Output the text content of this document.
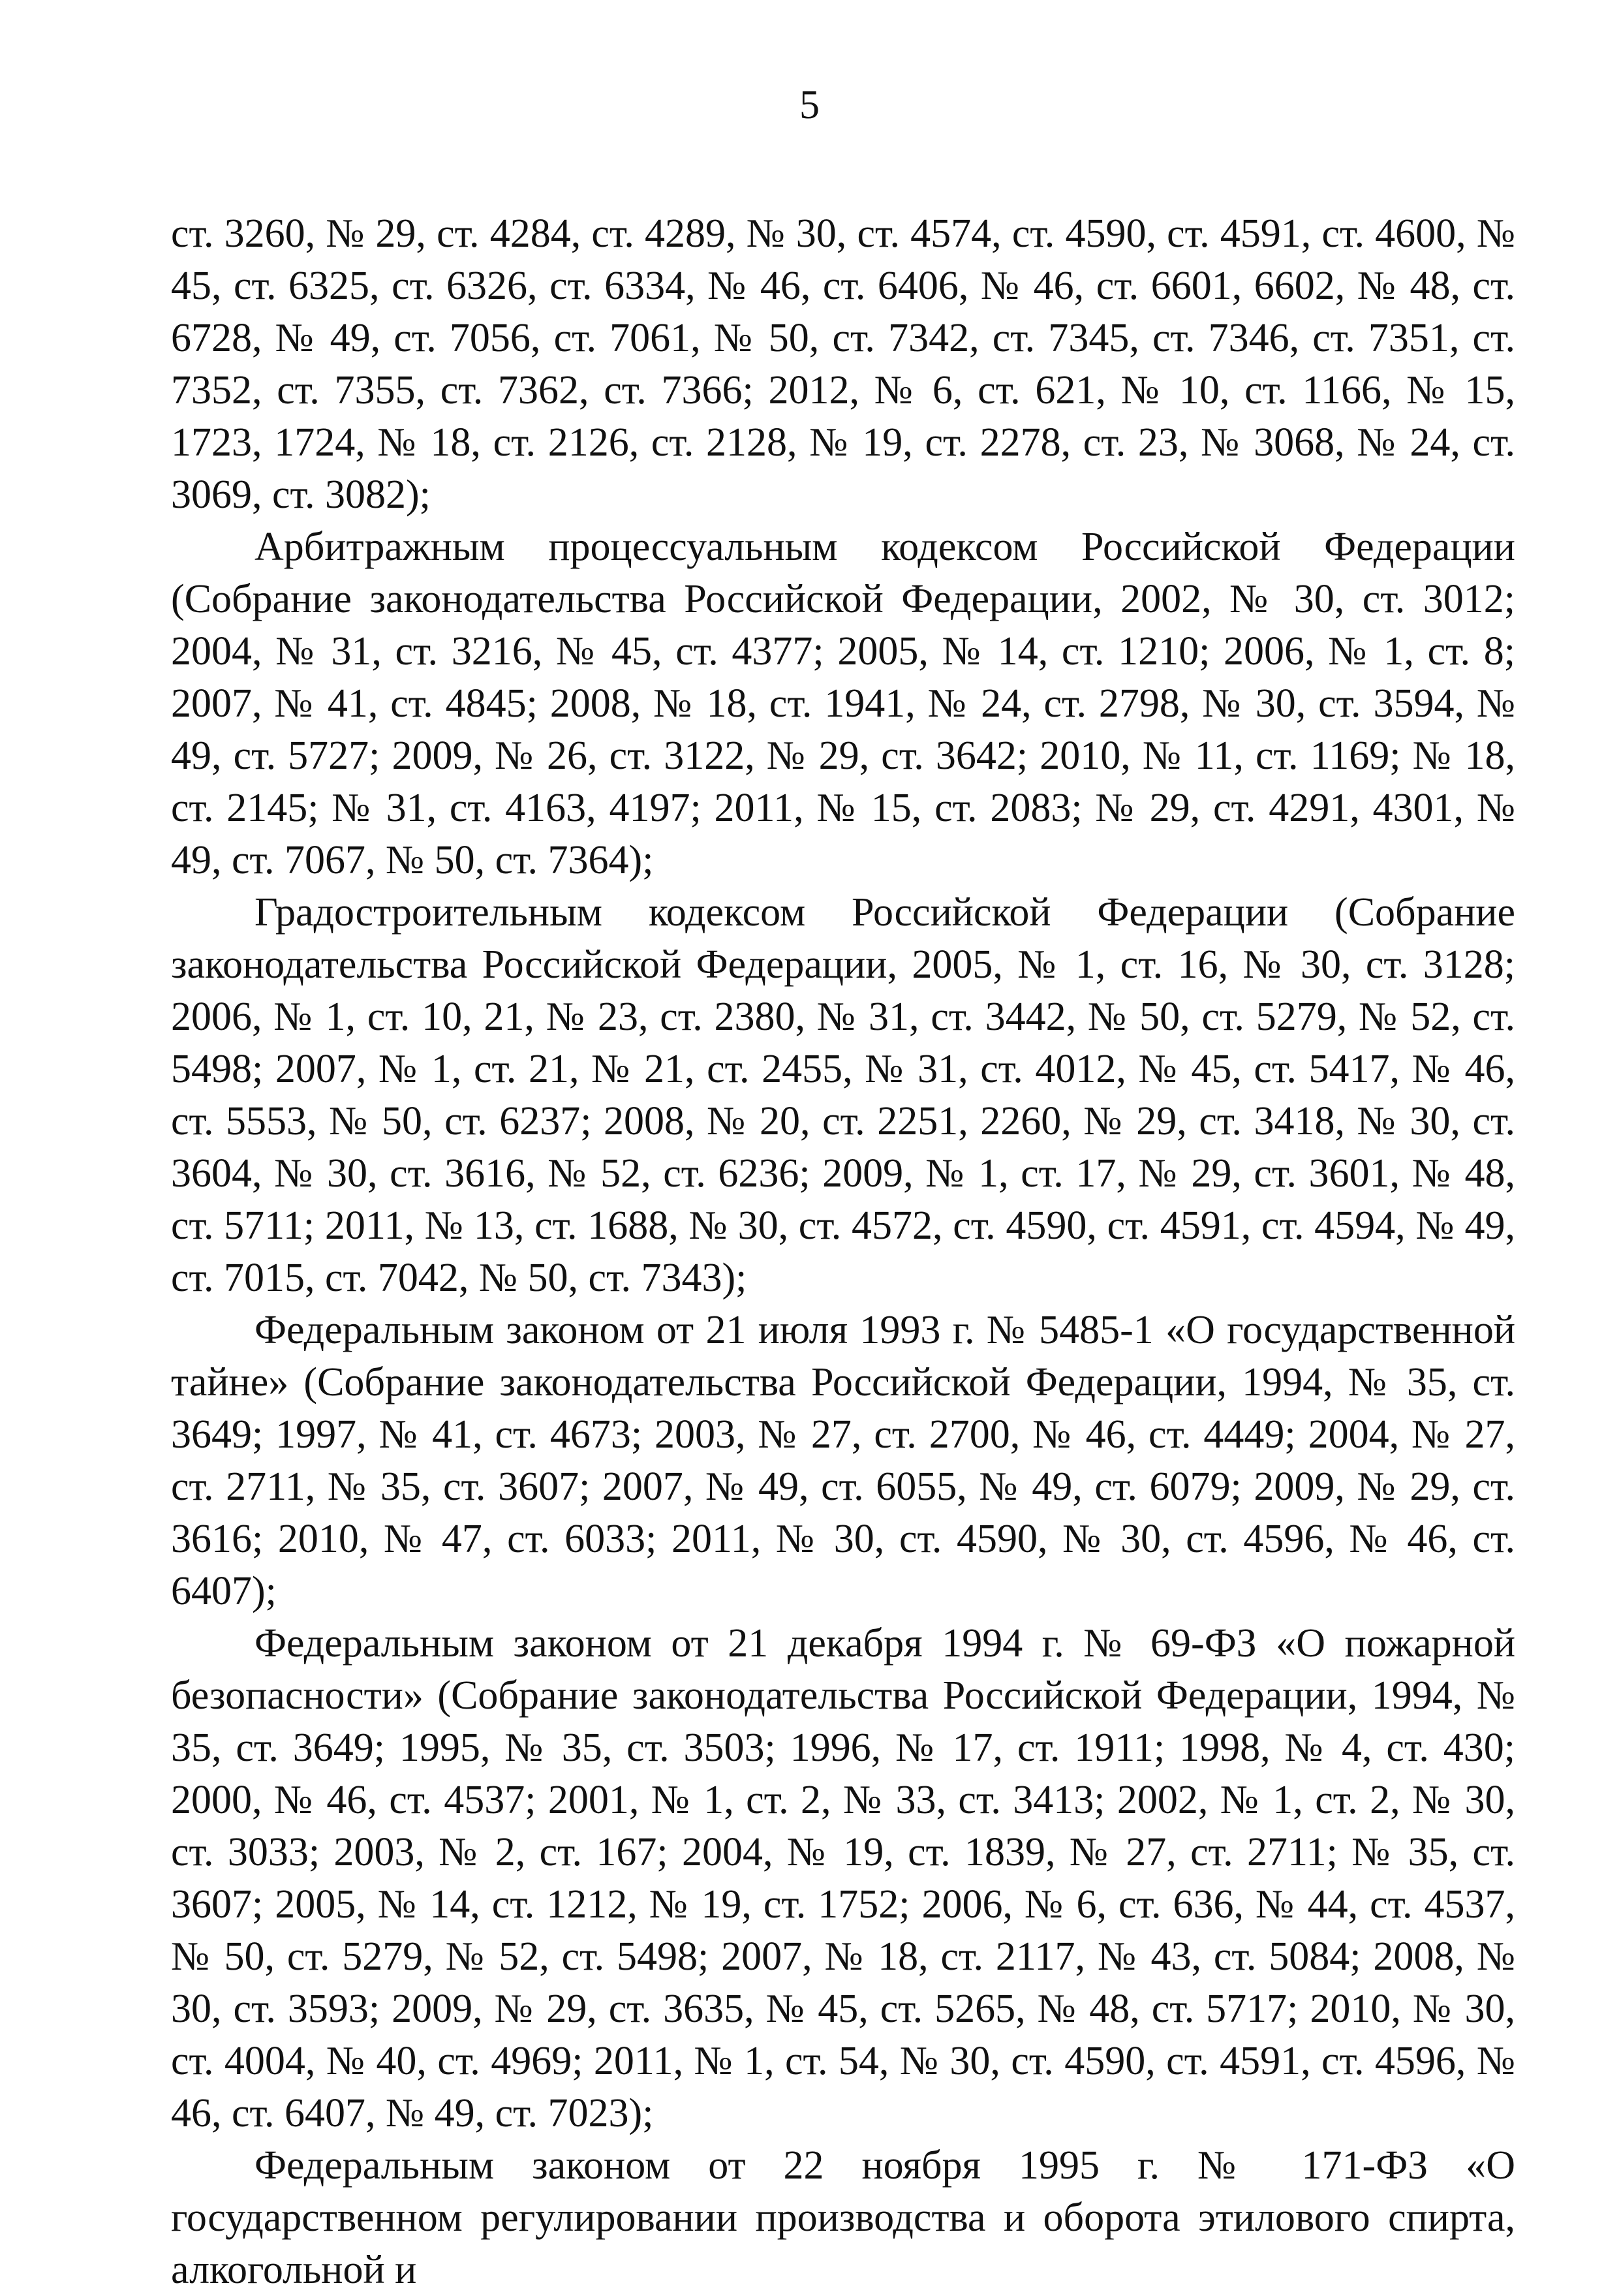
5

ст. 3260, № 29, ст. 4284, ст. 4289, № 30, ст. 4574, ст. 4590, ст. 4591, ст. 4600, № 45, ст. 6325, ст. 6326, ст. 6334, № 46, ст. 6406, № 46, ст. 6601, 6602, № 48, ст. 6728, № 49, ст. 7056, ст. 7061, № 50, ст. 7342, ст. 7345, ст. 7346, ст. 7351, ст. 7352, ст. 7355, ст. 7362, ст. 7366; 2012, № 6, ст. 621, № 10, ст. 1166, № 15, 1723, 1724, № 18, ст. 2126, ст. 2128, № 19, ст. 2278, ст. 23, № 3068, № 24, ст. 3069, ст. 3082);

Арбитражным процессуальным кодексом Российской Федерации (Собрание законодательства Российской Федерации, 2002, № 30, ст. 3012; 2004, № 31, ст. 3216, № 45, ст. 4377; 2005, № 14, ст. 1210; 2006, № 1, ст. 8; 2007, № 41, ст. 4845; 2008, № 18, ст. 1941, № 24, ст. 2798, № 30, ст. 3594, № 49, ст. 5727; 2009, № 26, ст. 3122, № 29, ст. 3642; 2010, № 11, ст. 1169; № 18, ст. 2145; № 31, ст. 4163, 4197; 2011, № 15, ст. 2083; № 29, ст. 4291, 4301, № 49, ст. 7067, № 50, ст. 7364);

Градостроительным кодексом Российской Федерации (Собрание законодательства Российской Федерации, 2005, № 1, ст. 16, № 30, ст. 3128; 2006, № 1, ст. 10, 21, № 23, ст. 2380, № 31, ст. 3442, № 50, ст. 5279, № 52, ст. 5498; 2007, № 1, ст. 21, № 21, ст. 2455, № 31, ст. 4012, № 45, ст. 5417, № 46, ст. 5553, № 50, ст. 6237; 2008, № 20, ст. 2251, 2260, № 29, ст. 3418, № 30, ст. 3604, № 30, ст. 3616, № 52, ст. 6236; 2009, № 1, ст. 17, № 29, ст. 3601, № 48, ст. 5711; 2011, № 13, ст. 1688, № 30, ст. 4572, ст. 4590, ст. 4591, ст. 4594, № 49, ст. 7015, ст. 7042, № 50, ст. 7343);

Федеральным законом от 21 июля 1993 г. № 5485-1 «О государственной тайне» (Собрание законодательства Российской Федерации, 1994, № 35, ст. 3649; 1997, № 41, ст. 4673; 2003, № 27, ст. 2700, № 46, ст. 4449; 2004, № 27, ст. 2711, № 35, ст. 3607; 2007, № 49, ст. 6055, № 49, ст. 6079; 2009, № 29, ст. 3616; 2010, № 47, ст. 6033; 2011, № 30, ст. 4590, № 30, ст. 4596, № 46, ст. 6407);

Федеральным законом от 21 декабря 1994 г. № 69-ФЗ «О пожарной безопасности» (Собрание законодательства Российской Федерации, 1994, № 35, ст. 3649; 1995, № 35, ст. 3503; 1996, № 17, ст. 1911; 1998, № 4, ст. 430; 2000, № 46, ст. 4537; 2001, № 1, ст. 2, № 33, ст. 3413; 2002, № 1, ст. 2, № 30, ст. 3033; 2003, № 2, ст. 167; 2004, № 19, ст. 1839, № 27, ст. 2711; № 35, ст. 3607; 2005, № 14, ст. 1212, № 19, ст. 1752; 2006, № 6, ст. 636, № 44, ст. 4537, № 50, ст. 5279, № 52, ст. 5498; 2007, № 18, ст. 2117, № 43, ст. 5084; 2008, № 30, ст. 3593; 2009, № 29, ст. 3635, № 45, ст. 5265, № 48, ст. 5717; 2010, № 30, ст. 4004, № 40, ст. 4969; 2011, № 1, ст. 54, № 30, ст. 4590, ст. 4591, ст. 4596, № 46, ст. 6407, № 49, ст. 7023);

Федеральным законом от 22 ноября 1995 г. № 171-ФЗ «О государственном регулировании производства и оборота этилового спирта, алкогольной и
